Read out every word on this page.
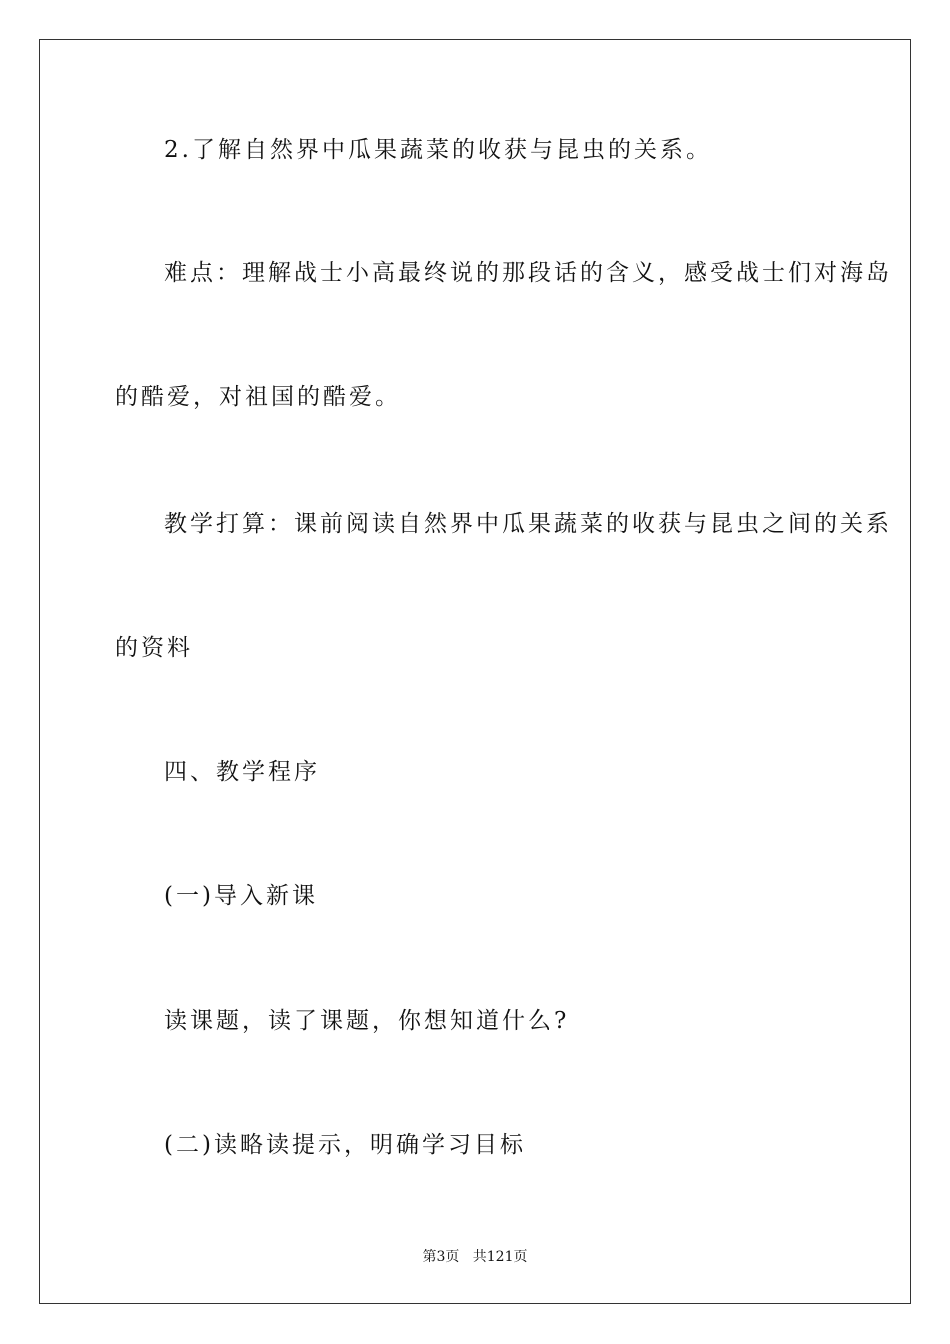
2.了解自然界中瓜果蔬菜的收获与昆虫的关系。
难点：理解战士小高最终说的那段话的含义，感受战士们对海岛
的酷爱，对祖国的酷爱。
教学打算：课前阅读自然界中瓜果蔬菜的收获与昆虫之间的关系
的资料
四、教学程序
(一)导入新课
读课题，读了课题，你想知道什么?
(二)读略读提示，明确学习目标
第3页 共121页
